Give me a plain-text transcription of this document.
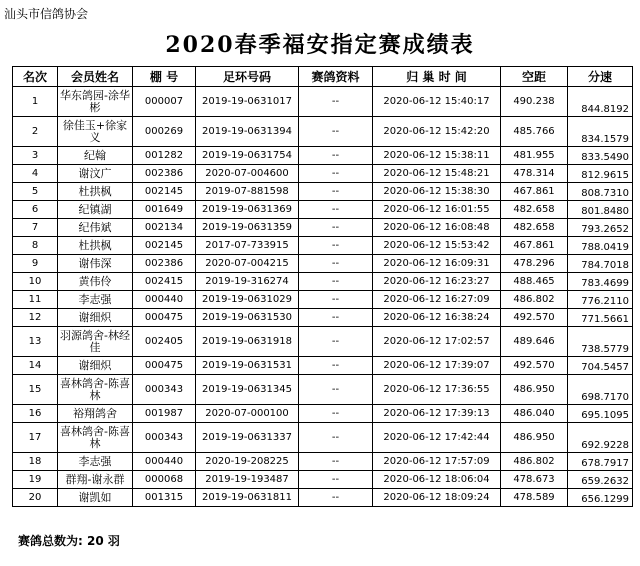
汕头市信鸽协会
2020春季福安指定赛成绩表
名次	会员姓名	棚 号	足环号码	赛鸽资料	归 巢 时 间	空距	分速
1	华东鸽园-涂华彬	000007	2019-19-0631017	--	2020-06-12 15:40:17	490.238	844.8192
2	徐佳玉+徐家义	000269	2019-19-0631394	--	2020-06-12 15:42:20	485.766	834.1579
3	纪翰	001282	2019-19-0631754	--	2020-06-12 15:38:11	481.955	833.5490
4	谢汶广	002386	2020-07-004600	--	2020-06-12 15:48:21	478.314	812.9615
5	杜拱枫	002145	2019-07-881598	--	2020-06-12 15:38:30	467.861	808.7310
6	纪镇湖	001649	2019-19-0631369	--	2020-06-12 16:01:55	482.658	801.8480
7	纪伟斌	002134	2019-19-0631359	--	2020-06-12 16:08:48	482.658	793.2652
8	杜拱枫	002145	2017-07-733915	--	2020-06-12 15:53:42	467.861	788.0419
9	谢伟深	002386	2020-07-004215	--	2020-06-12 16:09:31	478.296	784.7018
10	黄伟伶	002415	2019-19-316274	--	2020-06-12 16:23:27	488.465	783.4699
11	李志强	000440	2019-19-0631029	--	2020-06-12 16:27:09	486.802	776.2110
12	谢细炽	000475	2019-19-0631530	--	2020-06-12 16:38:24	492.570	771.5661
13	羽源鸽舍-林经佳	002405	2019-19-0631918	--	2020-06-12 17:02:57	489.646	738.5779
14	谢细炽	000475	2019-19-0631531	--	2020-06-12 17:39:07	492.570	704.5457
15	喜林鸽舍-陈喜林	000343	2019-19-0631345	--	2020-06-12 17:36:55	486.950	698.7170
16	裕翔鸽舍	001987	2020-07-000100	--	2020-06-12 17:39:13	486.040	695.1095
17	喜林鸽舍-陈喜林	000343	2019-19-0631337	--	2020-06-12 17:42:44	486.950	692.9228
18	李志强	000440	2020-19-208225	--	2020-06-12 17:57:09	486.802	678.7917
19	群翔-谢永群	000068	2019-19-193487	--	2020-06-12 18:06:04	478.673	659.2632
20	谢凯如	001315	2019-19-0631811	--	2020-06-12 18:09:24	478.589	656.1299
赛鸽总数为: 20 羽
